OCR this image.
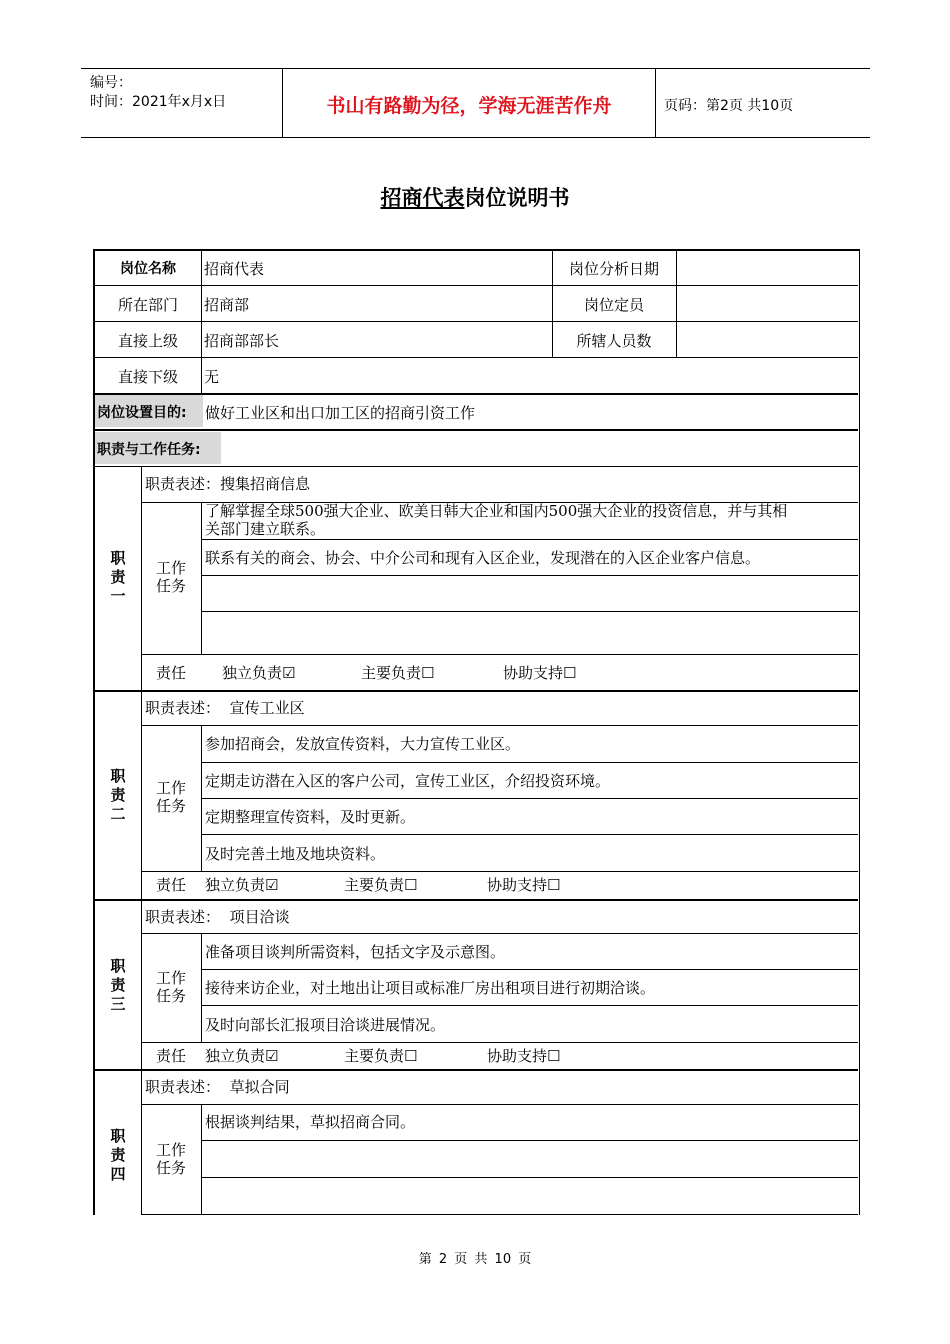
编号：
时间：2021年x月x日	书山有路勤为径，学海无涯苦作舟	页码：第2页 共10页
招商代表岗位说明书
岗位名称	招商代表	岗位分析日期
所在部门	招商部	岗位定员
直接上级	招商部部长	所辖人员数
直接下级	无
岗位设置目的: 做好工业区和出口加工区的招商引资工作
职责与工作任务:
职
责
一
职责表述：搜集招商信息
工作
任务
了解掌握全球500强大企业、欧美日韩大企业和国内500强大企业的投资信息，并与其相
关部门建立联系。
联系有关的商会、协会、中介公司和现有入区企业，发现潜在的入区企业客户信息。
责任	独立负责☑	主要负责☐	协助支持☐
职
责
二
职责表述： 宣传工业区
工作
任务
参加招商会，发放宣传资料，大力宣传工业区。
定期走访潜在入区的客户公司，宣传工业区，介绍投资环境。
定期整理宣传资料，及时更新。
及时完善土地及地块资料。
责任	独立负责☑	主要负责☐	协助支持☐
职
责
三
职责表述： 项目洽谈
工作
任务
准备项目谈判所需资料，包括文字及示意图。
接待来访企业，对土地出让项目或标准厂房出租项目进行初期洽谈。
及时向部长汇报项目洽谈进展情况。
责任	独立负责☑	主要负责☐	协助支持☐
职
责
四
职责表述： 草拟合同
工作
任务
根据谈判结果，草拟招商合同。
第 2 页 共 10 页
